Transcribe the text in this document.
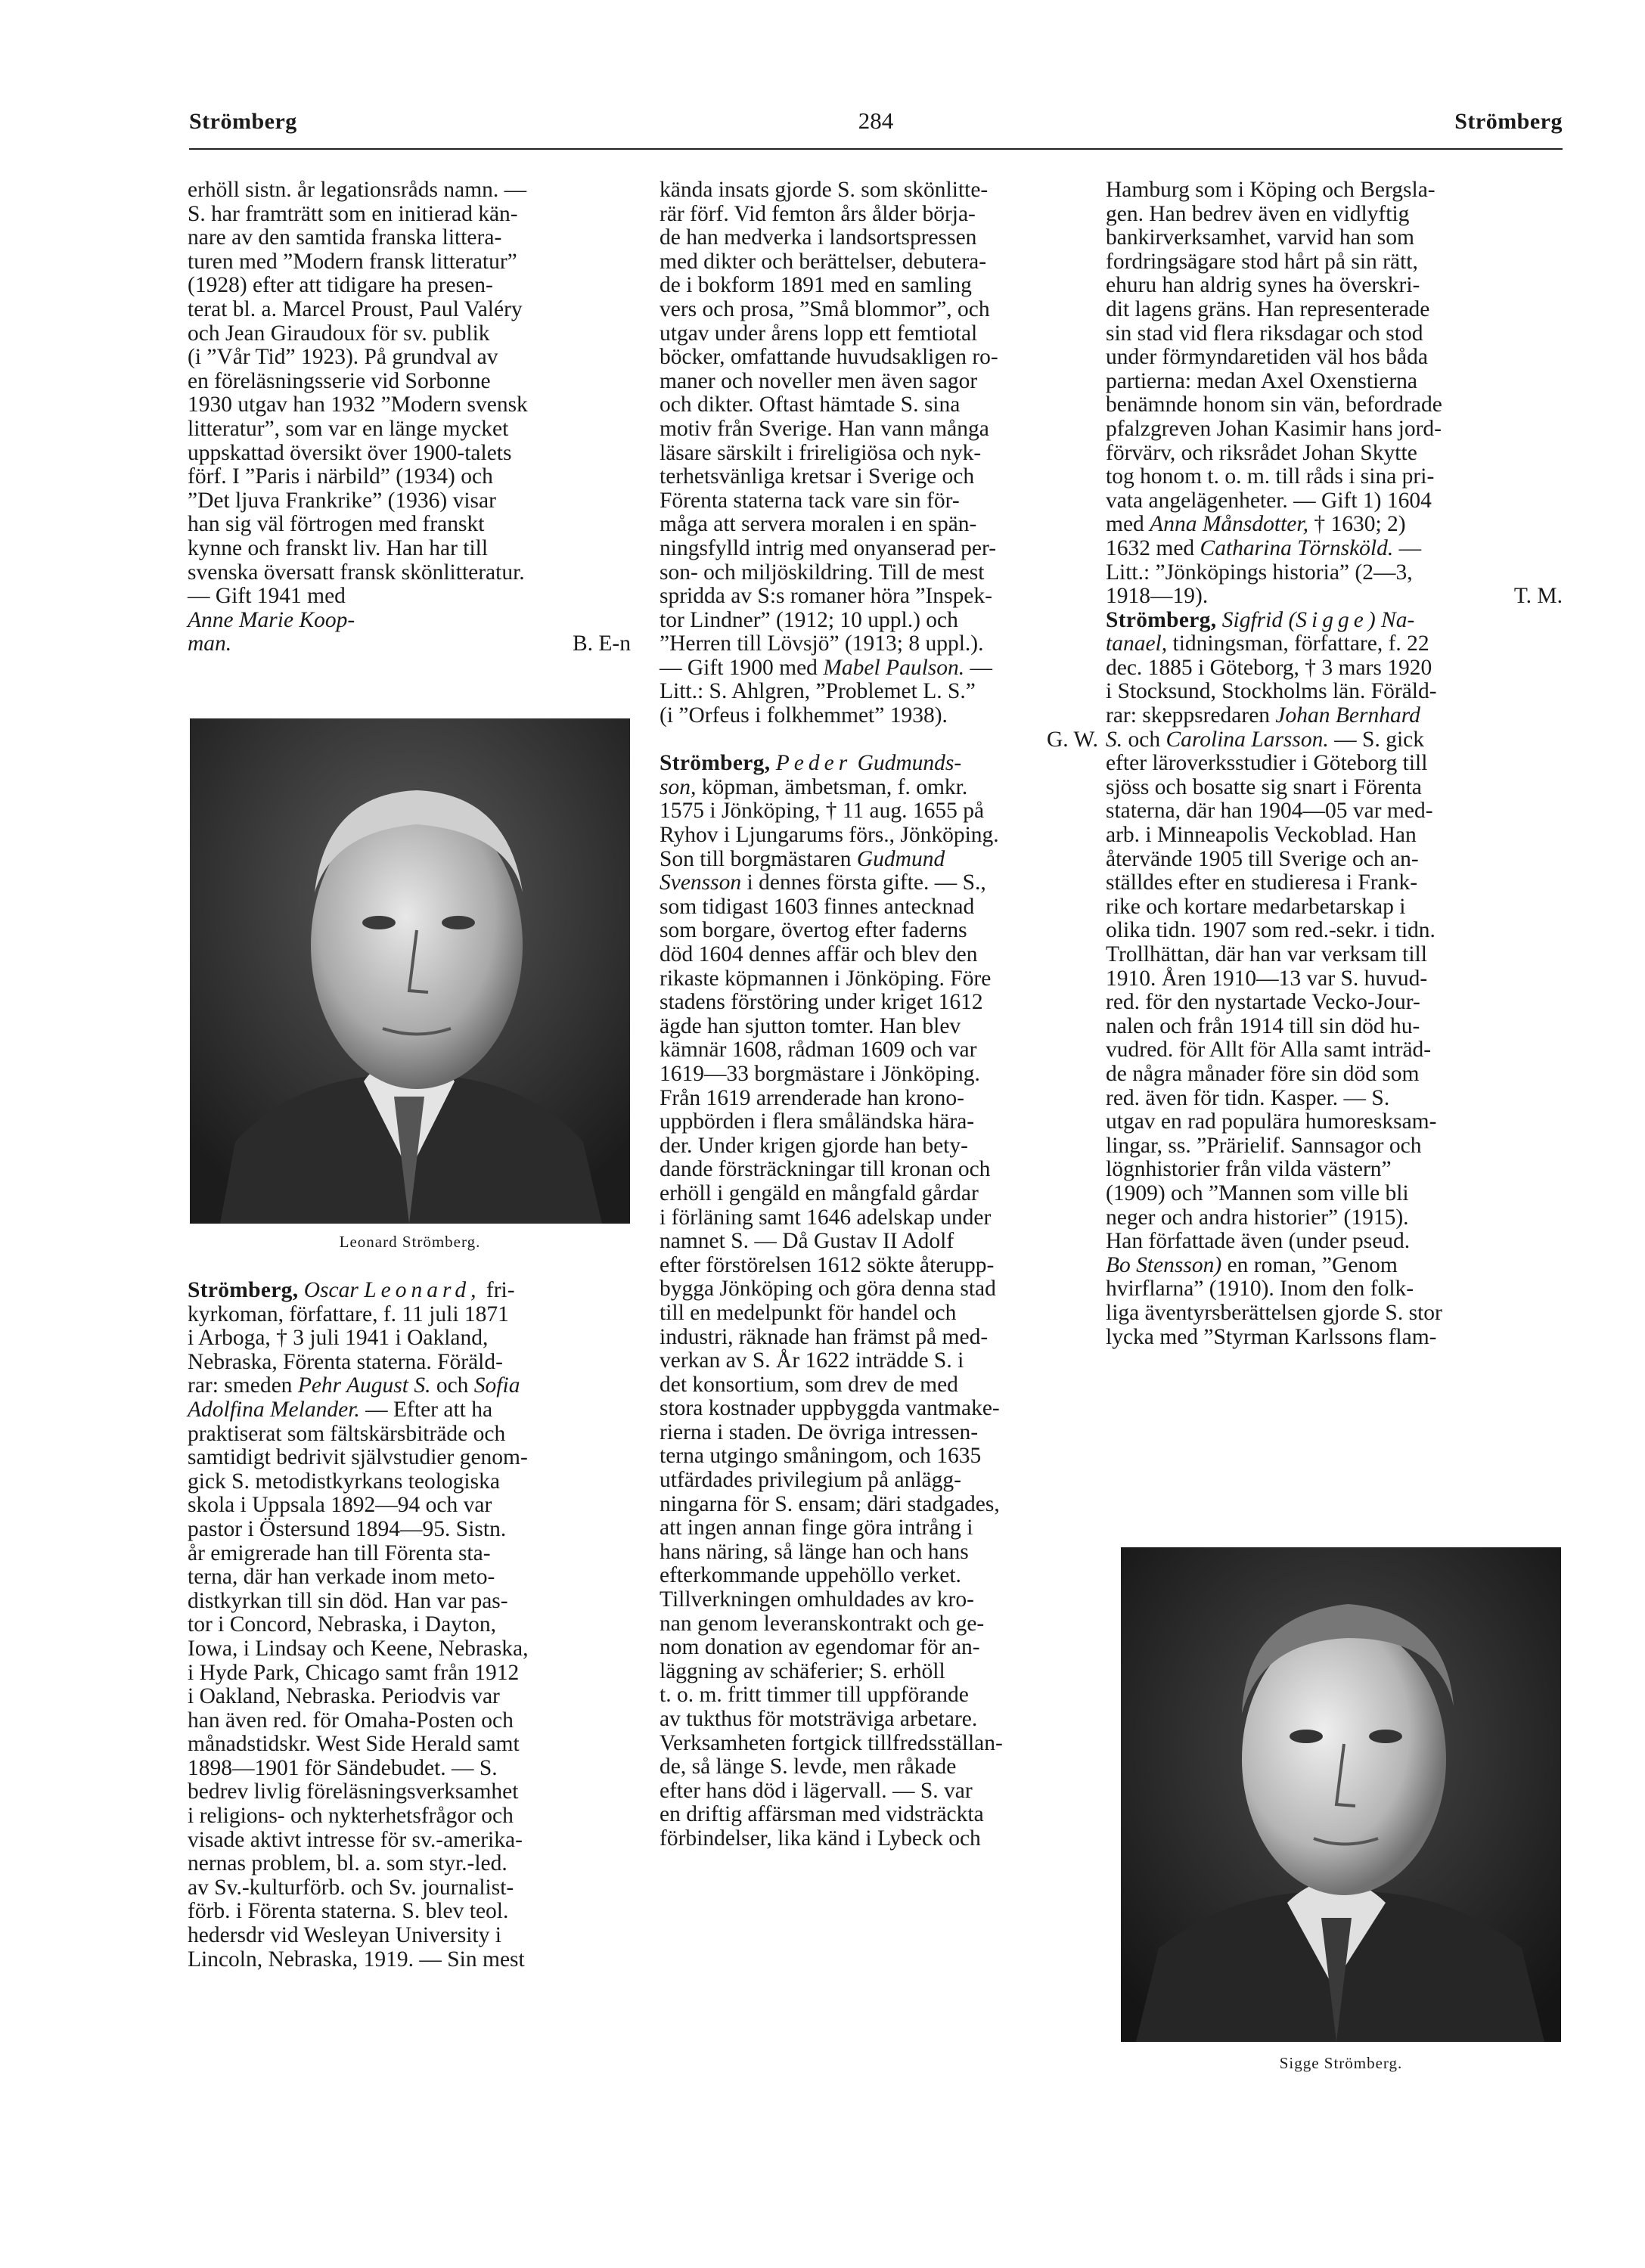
Strömberg	284	Strömberg

erhöll sistn. år legationsråds namn. —

S. har framträtt som en initierad kän-

nare av den samtida franska littera-

turen med ”Modern fransk litteratur”

(1928) efter att tidigare ha presen-

terat bl. a. Marcel Proust, Paul Valéry

och Jean Giraudoux för sv. publik

(i ”Vår Tid” 1923). På grundval av

en föreläsningsserie vid Sorbonne

1930 utgav han 1932 ”Modern svensk

litteratur”, som var en länge mycket

uppskattad översikt över 1900-talets

förf. I ”Paris i närbild” (1934) och

”Det ljuva Frankrike” (1936) visar

han sig väl förtrogen med franskt

kynne och franskt liv. Han har till

svenska översatt fransk skönlitteratur.

— Gift 1941 med

Anne Marie Koop-

man.	B. E-n

Leonard Strömberg.

Strömberg, Oscar Leonard, fri-

kyrkoman, författare, f. 11 juli 1871

i Arboga, † 3 juli 1941 i Oakland,

Nebraska, Förenta staterna. Föräld-

rar: smeden Pehr August S. och Sofia

Adolfina Melander. — Efter att ha

praktiserat som fältskärsbiträde och

samtidigt bedrivit självstudier genom-

gick S. metodistkyrkans teologiska

skola i Uppsala 1892—94 och var

pastor i Östersund 1894—95. Sistn.

år emigrerade han till Förenta sta-

terna, där han verkade inom meto-

distkyrkan till sin död. Han var pas-

tor i Concord, Nebraska, i Dayton,

Iowa, i Lindsay och Keene, Nebraska,

i Hyde Park, Chicago samt från 1912

i Oakland, Nebraska. Periodvis var

han även red. för Omaha-Posten och

månadstidskr. West Side Herald samt

1898—1901 för Sändebudet. — S.

bedrev livlig föreläsningsverksamhet

i religions- och nykterhetsfrågor och

visade aktivt intresse för sv.-amerika-

nernas problem, bl. a. som styr.-led.

av Sv.-kulturförb. och Sv. journalist-

förb. i Förenta staterna. S. blev teol.

hedersdr vid Wesleyan University i

Lincoln, Nebraska, 1919. — Sin mest

kända insats gjorde S. som skönlitte-

rär förf. Vid femton års ålder börja-

de han medverka i landsortspressen

med dikter och berättelser, debutera-

de i bokform 1891 med en samling

vers och prosa, ”Små blommor”, och

utgav under årens lopp ett femtiotal

böcker, omfattande huvudsakligen ro-

maner och noveller men även sagor

och dikter. Oftast hämtade S. sina

motiv från Sverige. Han vann många

läsare särskilt i frireligiösa och nyk-

terhetsvänliga kretsar i Sverige och

Förenta staterna tack vare sin för-

måga att servera moralen i en spän-

ningsfylld intrig med onyanserad per-

son- och miljöskildring. Till de mest

spridda av S:s romaner höra ”Inspek-

tor Lindner” (1912; 10 uppl.) och

”Herren till Lövsjö” (1913; 8 uppl.).

— Gift 1900 med Mabel Paulson. —

Litt.: S. Ahlgren, ”Problemet L. S.”

(i ”Orfeus i folkhemmet” 1938).

G. W.

Strömberg, Peder Gudmunds-

son, köpman, ämbetsman, f. omkr.

1575 i Jönköping, † 11 aug. 1655 på

Ryhov i Ljungarums förs., Jönköping.

Son till borgmästaren Gudmund

Svensson i dennes första gifte. — S.,

som tidigast 1603 finnes antecknad

som borgare, övertog efter faderns

död 1604 dennes affär och blev den

rikaste köpmannen i Jönköping. Före

stadens förstöring under kriget 1612

ägde han sjutton tomter. Han blev

kämnär 1608, rådman 1609 och var

1619—33 borgmästare i Jönköping.

Från 1619 arrenderade han krono-

uppbörden i flera småländska härа-

der. Under krigen gjorde han bety-

dande försträckningar till kronan och

erhöll i gengäld en mångfald gårdar

i förläning samt 1646 adelskap under

namnet S. — Då Gustav II Adolf

efter förstörelsen 1612 sökte återupp-

bygga Jönköping och göra denna stad

till en medelpunkt för handel och

industri, räknade han främst på med-

verkan av S. År 1622 inträdde S. i

det konsortium, som drev de med

stora kostnader uppbyggda vantmake-

rierna i staden. De övriga intressen-

terna utgingo småningom, och 1635

utfärdades privilegium på anlägg-

ningarna för S. ensam; däri stadgades,

att ingen annan finge göra intrång i

hans näring, så länge han och hans

efterkommande uppehöllo verket.

Tillverkningen omhuldades av kro-

nan genom leveranskontrakt och ge-

nom donation av egendomar för an-

läggning av schäferier; S. erhöll

t. o. m. fritt timmer till uppförande

av tukthus för motsträviga arbetare.

Verksamheten fortgick tillfredsställan-

de, så länge S. levde, men råkade

efter hans död i lägervall. — S. var

en driftig affärsman med vidsträckta

förbindelser, lika känd i Lybeck och

Hamburg som i Köping och Bergsla-

gen. Han bedrev även en vidlyftig

bankirverksamhet, varvid han som

fordringsägare stod hårt på sin rätt,

ehuru han aldrig synes ha överskri-

dit lagens gräns. Han representerade

sin stad vid flera riksdagar och stod

under förmyndaretiden väl hos båda

partierna: medan Axel Oxenstierna

benämnde honom sin vän, befordrade

pfalzgreven Johan Kasimir hans jord-

förvärv, och riksrådet Johan Skytte

tog honom t. o. m. till råds i sina pri-

vata angelägenheter. — Gift 1) 1604

med Anna Månsdotter, † 1630; 2)

1632 med Catharina Törnsköld. —

Litt.: ”Jönköpings historia” (2—3,

1918—19).	T. M.

Strömberg, Sigfrid (Sigge) Na-

tanael, tidningsman, författare, f. 22

dec. 1885 i Göteborg, † 3 mars 1920

i Stocksund, Stockholms län. Föräld-

rar: skeppsredaren Johan Bernhard

S. och Carolina Larsson. — S. gick

efter läroverksstudier i Göteborg till

sjöss och bosatte sig snart i Förenta

staterna, där han 1904—05 var med-

arb. i Minneapolis Veckoblad. Han

återvände 1905 till Sverige och an-

ställdes efter en studieresa i Frank-

rike och kortare medarbetarskap i

olika tidn. 1907 som red.-sekr. i tidn.

Trollhättan, där han var verksam till

1910. Åren 1910—13 var S. huvud-

red. för den nystartade Vecko-Jour-

nalen och från 1914 till sin död hu-

vudred. för Allt för Alla samt inträd-

de några månader före sin död som

red. även för tidn. Kasper. — S.

utgav en rad populära humoresksam-

lingar, ss. ”Prärielif. Sannsagor och

lögnhistorier från vilda västern”

(1909) och ”Mannen som ville bli

neger och andra historier” (1915).

Han författade även (under pseud.

Bo Stensson) en roman, ”Genom

hvirflarna” (1910). Inom den folk-

liga äventyrsberättelsen gjorde S. stor

lycka med ”Styrman Karlssons flam-

Sigge Strömberg.
